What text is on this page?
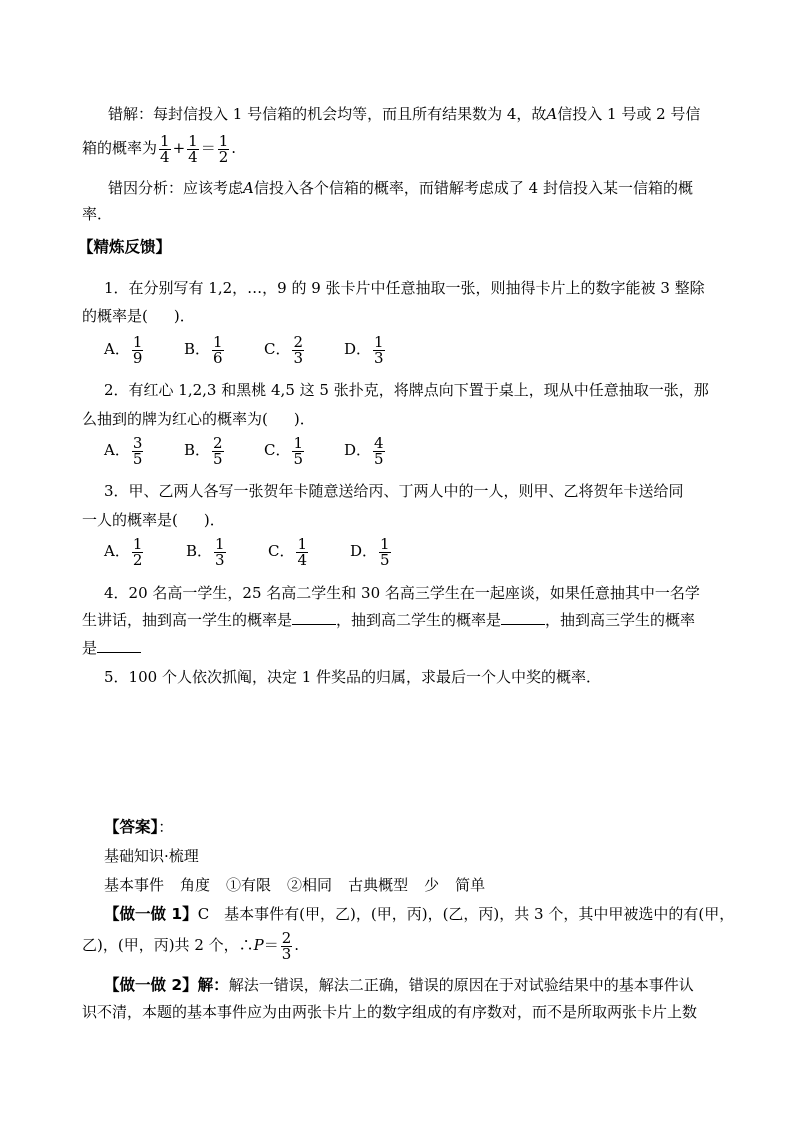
错解：每封信投入 1 号信箱的机会均等，而且所有结果数为 4，故A信投入 1 号或 2 号信
箱的概率为 $\frac{1}{4} + \frac{1}{4} = \frac{1}{2}$ .
错因分析：应该考虑A信投入各个信箱的概率，而错解考虑成了 4 封信投入某一信箱的概
率．
【精炼反馈】
1．在分别写有 1,2，…，9 的 9 张卡片中任意抽取一张，则抽得卡片上的数字能被 3 整除
的概率是( )．
A． $\frac{1}{9}$	B． $\frac{1}{6}$	C． $\frac{2}{3}$	D． $\frac{1}{3}$
2．有红心 1,2,3 和黑桃 4,5 这 5 张扑克，将牌点向下置于桌上，现从中任意抽取一张，那
么抽到的牌为红心的概率为( )．
A． $\frac{3}{5}$	B． $\frac{2}{5}$	C． $\frac{1}{5}$	D． $\frac{4}{5}$
3．甲、乙两人各写一张贺年卡随意送给丙、丁两人中的一人，则甲、乙将贺年卡送给同
一人的概率是( )．
A． $\frac{1}{2}$	B． $\frac{1}{3}$	C． $\frac{1}{4}$	D． $\frac{1}{5}$
4．20 名高一学生，25 名高二学生和 30 名高三学生在一起座谈，如果任意抽其中一名学
生讲话，抽到高一学生的概率是	，抽到高二学生的概率是	，抽到高三学生的概率
是
5．100 个人依次抓阄，决定 1 件奖品的归属，求最后一个人中奖的概率．
【答案】：
基础知识·梳理
基本事件 角度 ①有限 ②相同 古典概型 少 简单
【做一做 1】C　基本事件有(甲，乙)，(甲，丙)，(乙，丙)，共 3 个，其中甲被选中的有(甲，
乙)，(甲，丙)共 2 个，∴P＝ $\frac{2}{3}$ .
【做一做 2】解：解法一错误，解法二正确，错误的原因在于对试验结果中的基本事件认
识不清，本题的基本事件应为由两张卡片上的数字组成的有序数对，而不是所取两张卡片上数
